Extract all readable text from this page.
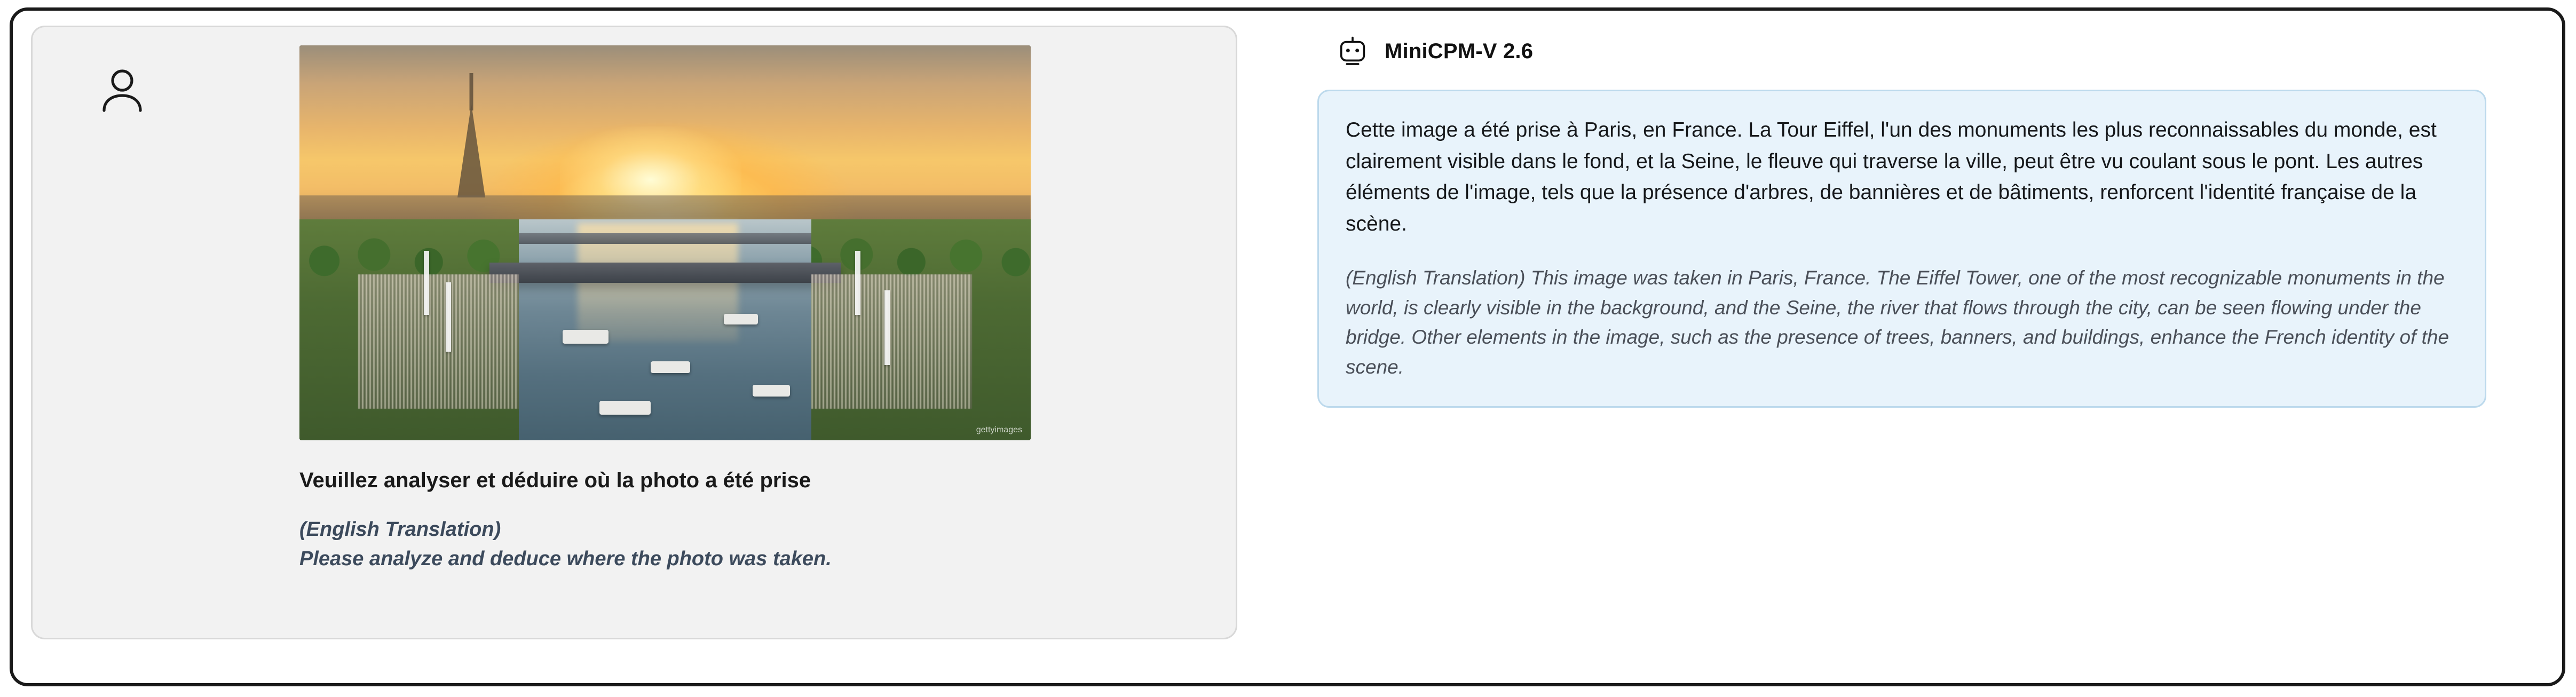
gettyimages
Veuillez analyser et déduire où la photo a été prise
(English Translation)
Please analyze and deduce where the photo was taken.
MiniCPM-V 2.6
Cette image a été prise à Paris, en France. La Tour Eiffel, l'un des monuments les plus reconnaissables du monde, est clairement visible dans le fond, et la Seine, le fleuve qui traverse la ville, peut être vu coulant sous le pont. Les autres éléments de l'image, tels que la présence d'arbres, de bannières et de bâtiments, renforcent l'identité française de la scène.
(English Translation) This image was taken in Paris, France. The Eiffel Tower, one of the most recognizable monuments in the world, is clearly visible in the background, and the Seine, the river that flows through the city, can be seen flowing under the bridge. Other elements in the image, such as the presence of trees, banners, and buildings, enhance the French identity of the scene.
